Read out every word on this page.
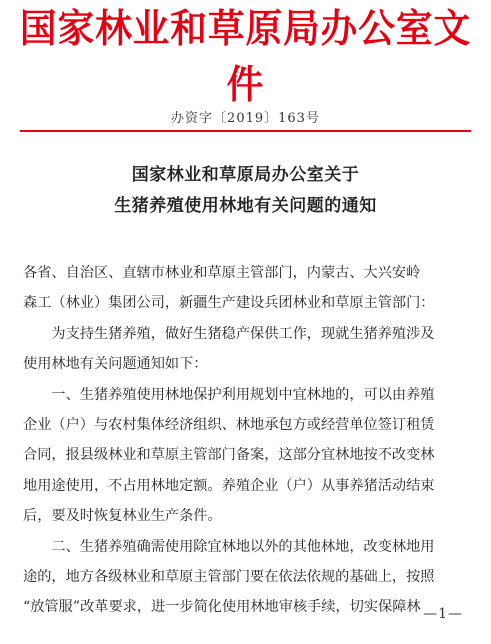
国家林业和草原局办公室文件
办资字〔2019〕163号
国家林业和草原局办公室关于
生猪养殖使用林地有关问题的通知
各省、自治区、直辖市林业和草原主管部门，内蒙古、大兴安岭
森工（林业）集团公司，新疆生产建设兵团林业和草原主管部门：
　　为支持生猪养殖，做好生猪稳产保供工作，现就生猪养殖涉及
使用林地有关问题通知如下：
　　一、生猪养殖使用林地保护利用规划中宜林地的，可以由养殖
企业（户）与农村集体经济组织、林地承包方或经营单位签订租赁
合同，报县级林业和草原主管部门备案，这部分宜林地按不改变林
地用途使用，不占用林地定额。养殖企业（户）从事养猪活动结束
后，要及时恢复林业生产条件。
　　二、生猪养殖确需使用除宜林地以外的其他林地，改变林地用
途的，地方各级林业和草原主管部门要在依法依规的基础上，按照
“放管服”改革要求，进一步简化使用林地审核手续，切实保障林 —1—
